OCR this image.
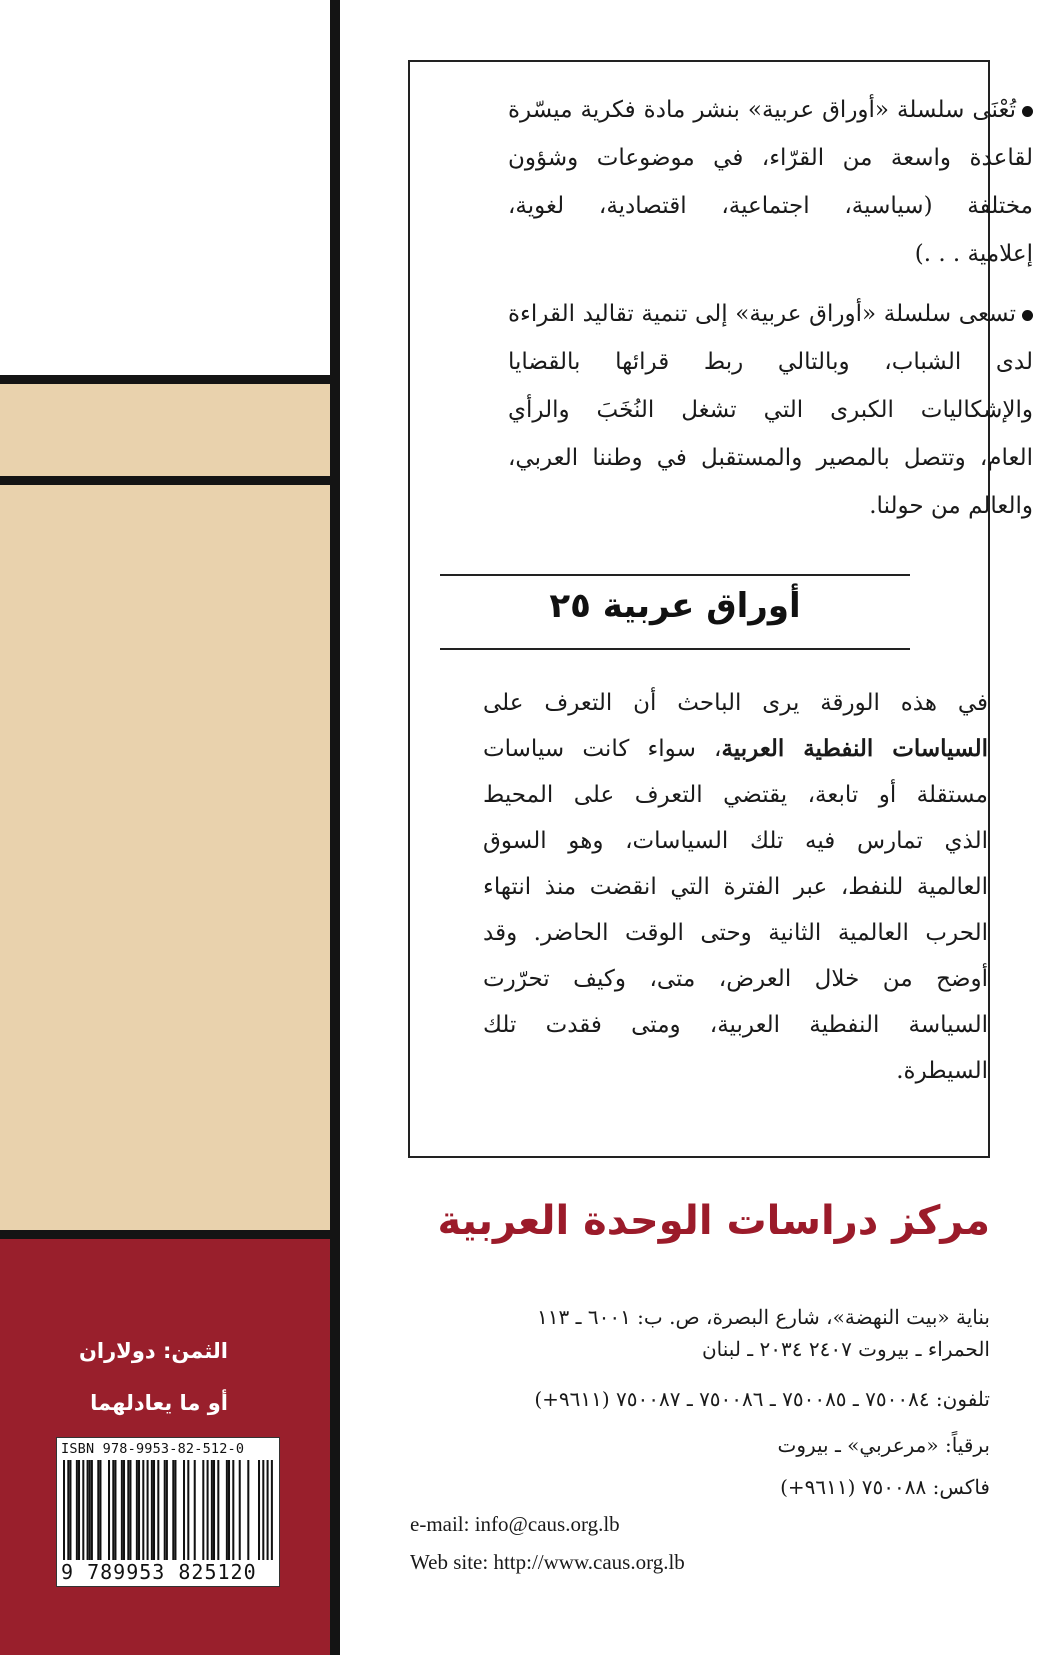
الثمن: دولاران
أو ما يعادلهما
ISBN 978-9953-82-512-0
9 789953 825120
تُعْنَى سلسلة «أوراق عربية» بنشر مادة فكرية ميسّرة
لقاعدة واسعة من القرّاء، في موضوعات وشؤون
مختلفة (سياسية، اجتماعية، اقتصادية، لغوية،
إعلامية . . .)
تسعى سلسلة «أوراق عربية» إلى تنمية تقاليد القراءة
لدى الشباب، وبالتالي ربط قرائها بالقضايا
والإشكاليات الكبرى التي تشغل النُخَبَ والرأي
العام، وتتصل بالمصير والمستقبل في وطننا العربي،
والعالم من حولنا.
أوراق عربية ٢٥
في هذه الورقة يرى الباحث أن التعرف على
السياسات النفطية العربية، سواء كانت سياسات
مستقلة أو تابعة، يقتضي التعرف على المحيط
الذي تمارس فيه تلك السياسات، وهو السوق
العالمية للنفط، عبر الفترة التي انقضت منذ انتهاء
الحرب العالمية الثانية وحتى الوقت الحاضر. وقد
أوضح من خلال العرض، متى، وكيف تحرّرت
السياسة النفطية العربية، ومتى فقدت تلك
السيطرة.
مركز دراسات الوحدة العربية
بناية «بيت النهضة»، شارع البصرة، ص. ب: ٦٠٠١ ـ ١١٣
الحمراء ـ بيروت ٢٤٠٧ ٢٠٣٤ ـ لبنان
تلفون: ٧٥٠٠٨٤ ـ ٧٥٠٠٨٥ ـ ٧٥٠٠٨٦ ـ ٧٥٠٠٨٧ (٩٦١١+)
برقياً: «مرعربي» ـ بيروت
فاكس: ٧٥٠٠٨٨ (٩٦١١+)
e-mail: info@caus.org.lb
Web site: http://www.caus.org.lb
